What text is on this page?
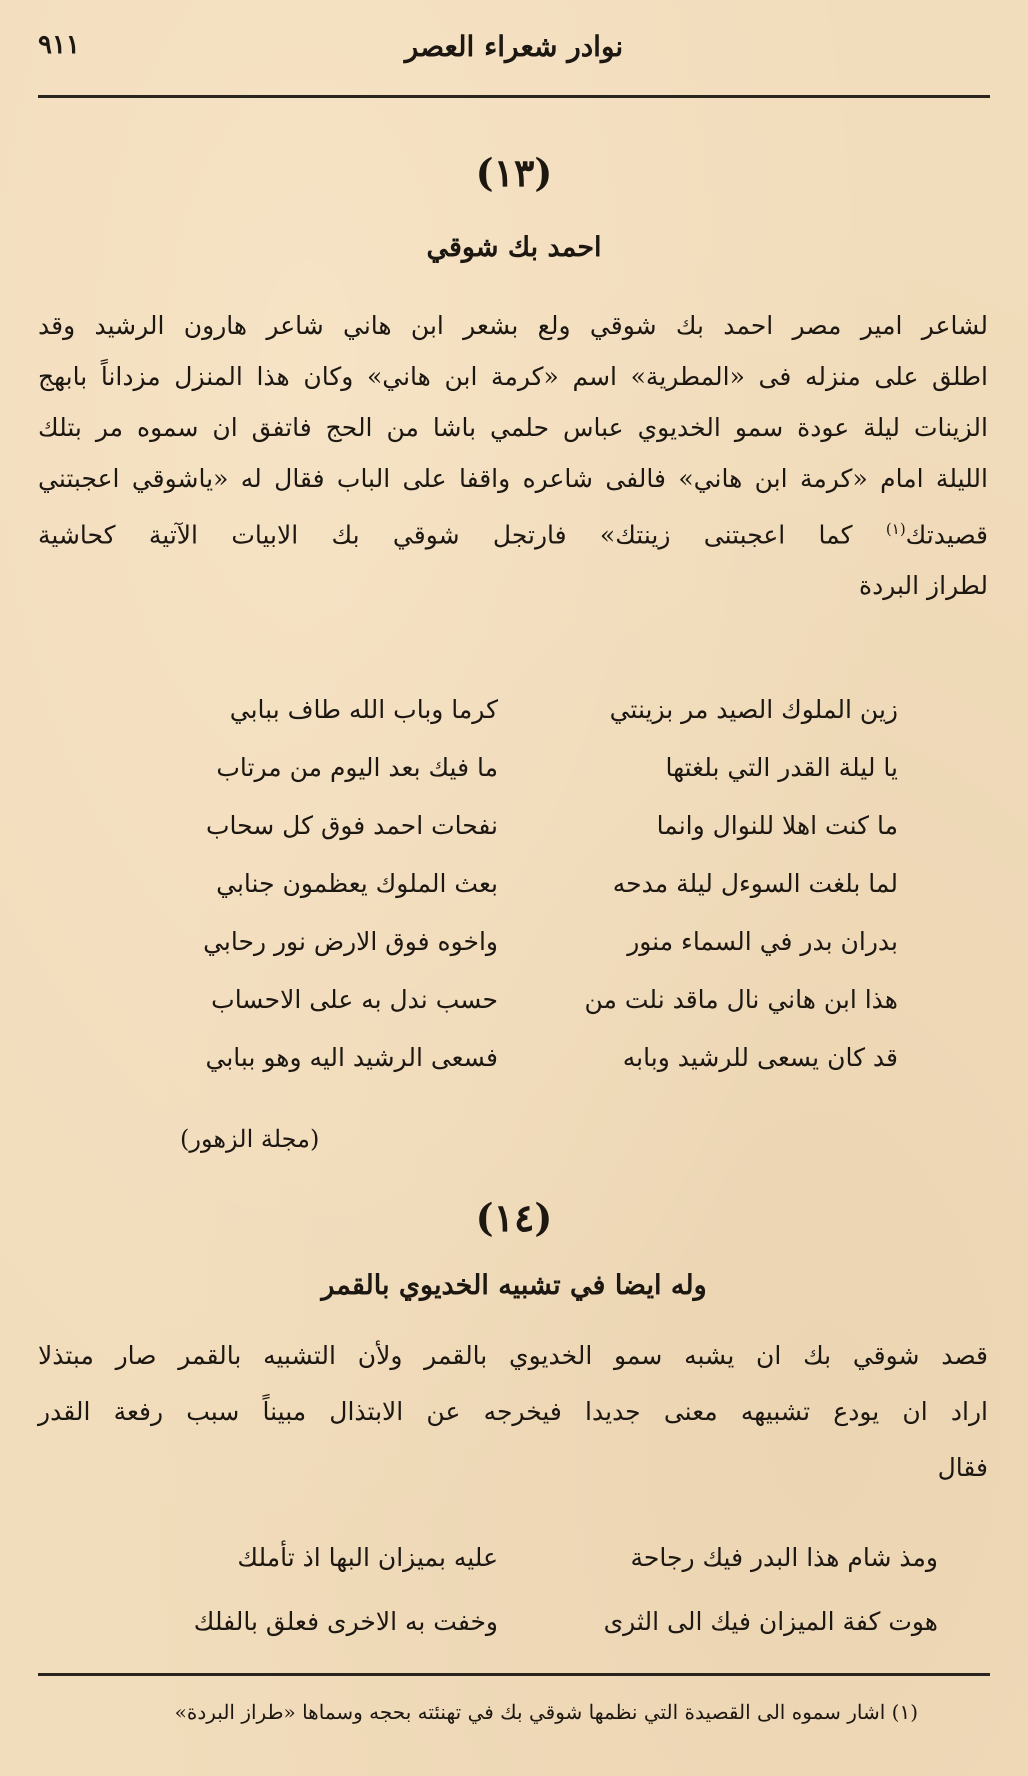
نوادر شعراء العصر
٩١١
(١٣)
احمد بك شوقي
لشاعر امير مصر احمد بك شوقي ولع بشعر ابن هاني شاعر هارون الرشيد وقد
اطلق على منزله فى «المطرية» اسم «كرمة ابن هاني» وكان هذا المنزل مزداناً بابهج
الزينات ليلة عودة سمو الخديوي عباس حلمي باشا من الحج فاتفق ان سموه مر بتلك
الليلة امام «كرمة ابن هاني» فالفى شاعره واقفا على الباب فقال له «ياشوقي اعجبتني
قصيدتك$^{(١)}$ كما اعجبتنى زينتك» فارتجل شوقي بك الابيات الآتية كحاشية
لطراز البردة
زين الملوك الصيد مر بزينتي
كرما وباب الله طاف ببابي
يا ليلة القدر التي بلغتها
ما فيك بعد اليوم من مرتاب
ما كنت اهلا للنوال وانما
نفحات احمد فوق كل سحاب
لما بلغت السوءل ليلة مدحه
بعث الملوك يعظمون جنابي
بدران بدر في السماء منور
واخوه فوق الارض نور رحابي
هذا ابن هاني نال ماقد نلت من
حسب ندل به على الاحساب
قد كان يسعى للرشيد وبابه
فسعى الرشيد اليه وهو ببابي
(مجلة الزهور)
(١٤)
وله ايضا في تشبيه الخديوي بالقمر
قصد شوقي بك ان يشبه سمو الخديوي بالقمر ولأن التشبيه بالقمر صار مبتذلا
اراد ان يودع تشبيهه معنى جديدا فيخرجه عن الابتذال مبيناً سبب رفعة القدر
فقال
ومذ شام هذا البدر فيك رجاحة
عليه بميزان البها اذ تأملك
هوت كفة الميزان فيك الى الثرى
وخفت به الاخرى فعلق بالفلك
(١) اشار سموه الى القصيدة التي نظمها شوقي بك في تهنئته بحجه وسماها «طراز البردة»
